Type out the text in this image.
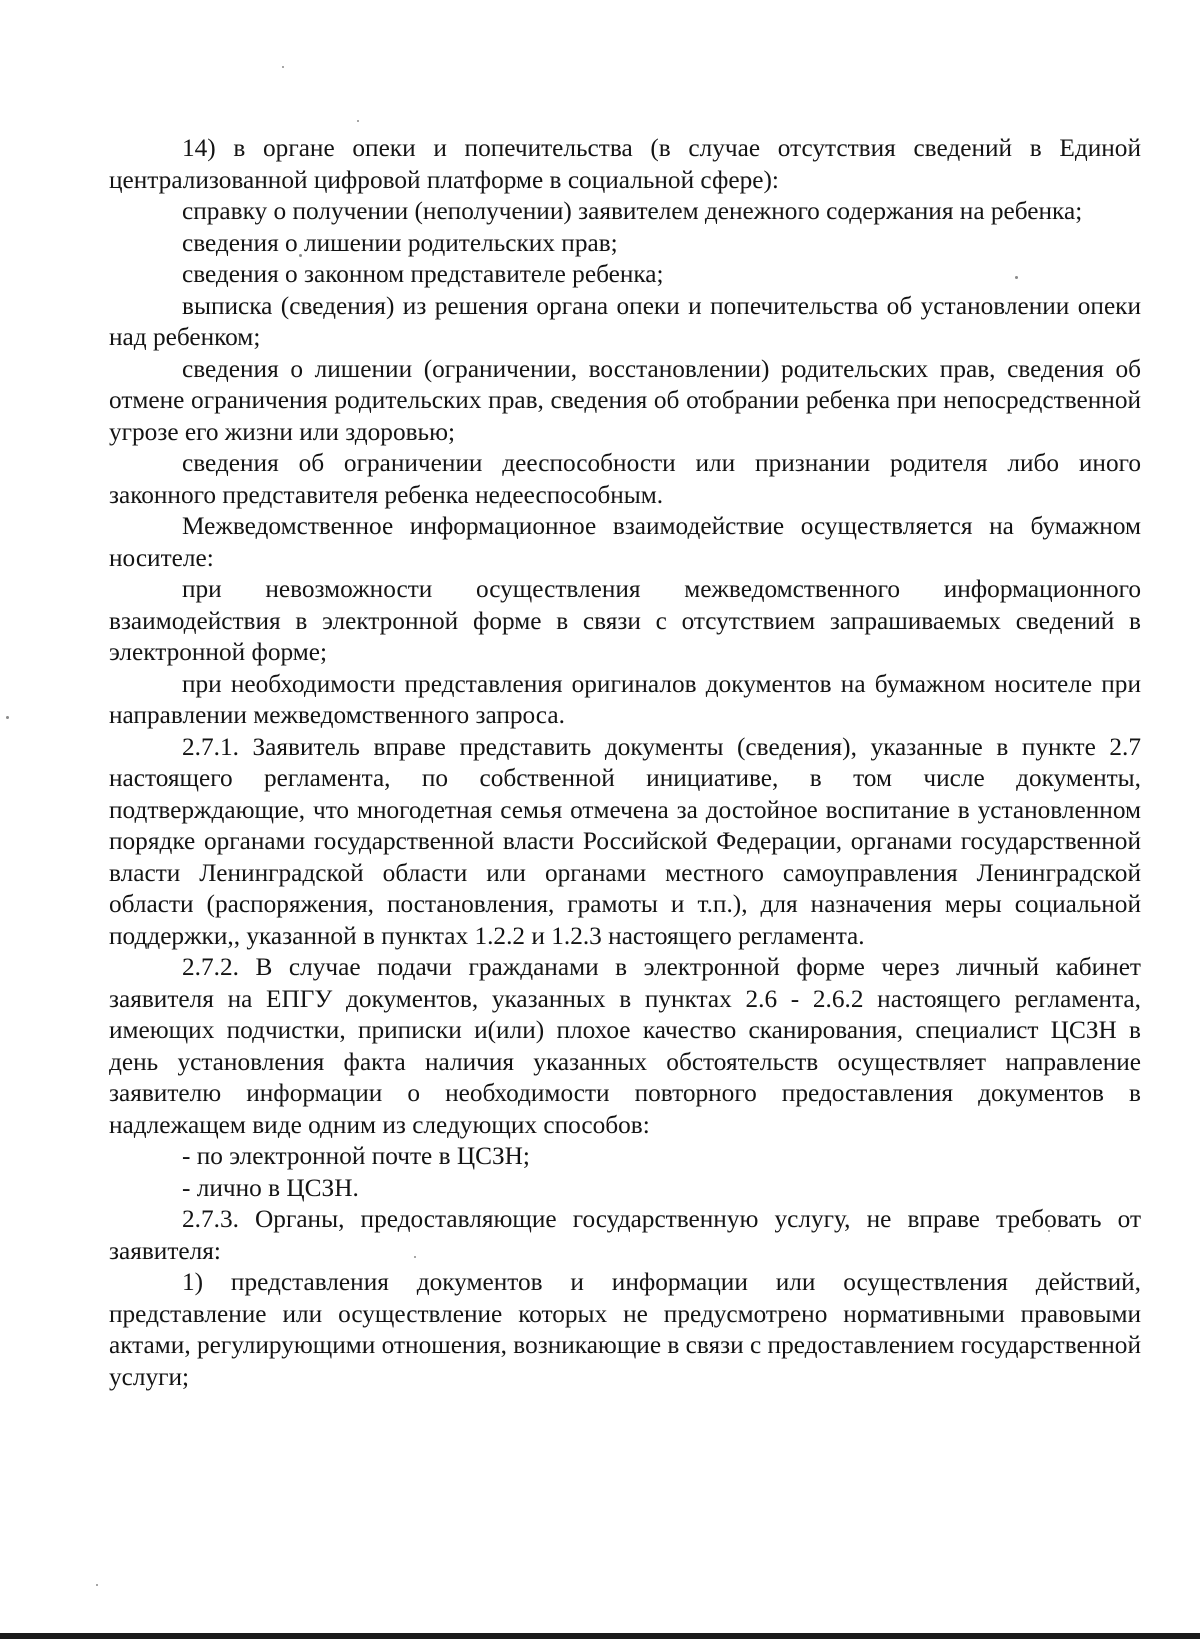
14) в органе опеки и попечительства (в случае отсутствия сведений в Единой централизованной цифровой платформе в социальной сфере):

справку о получении (неполучении) заявителем денежного содержания на ребенка;

сведения о лишении родительских прав;

сведения о законном представителе ребенка;

выписка (сведения) из решения органа опеки и попечительства об установлении опеки над ребенком;

сведения о лишении (ограничении, восстановлении) родительских прав, сведения об отмене ограничения родительских прав, сведения об отобрании ребенка при непосредственной угрозе его жизни или здоровью;

сведения об ограничении дееспособности или признании родителя либо иного законного представителя ребенка недееспособным.

Межведомственное информационное взаимодействие осуществляется на бумажном носителе:

при невозможности осуществления межведомственного информационного взаимодействия в электронной форме в связи с отсутствием запрашиваемых сведений в электронной форме;

при необходимости представления оригиналов документов на бумажном носителе при направлении межведомственного запроса.

2.7.1. Заявитель вправе представить документы (сведения), указанные в пункте 2.7 настоящего регламента, по собственной инициативе, в том числе документы, подтверждающие, что многодетная семья отмечена за достойное воспитание в установленном порядке органами государственной власти Российской Федерации, органами государственной власти Ленинградской области или органами местного самоуправления Ленинградской области (распоряжения, постановления, грамоты и т.п.), для назначения меры социальной поддержки,, указанной в пунктах 1.2.2 и 1.2.3 настоящего регламента.

2.7.2. В случае подачи гражданами в электронной форме через личный кабинет заявителя на ЕПГУ документов, указанных в пунктах 2.6 - 2.6.2 настоящего регламента, имеющих подчистки, приписки и(или) плохое качество сканирования, специалист ЦСЗН в день установления факта наличия указанных обстоятельств осуществляет направление заявителю информации о необходимости повторного предоставления документов в надлежащем виде одним из следующих способов:

- по электронной почте в ЦСЗН;

- лично в ЦСЗН.

2.7.3. Органы, предоставляющие государственную услугу, не вправе требовать от заявителя:

1) представления документов и информации или осуществления действий, представление или осуществление которых не предусмотрено нормативными правовыми актами, регулирующими отношения, возникающие в связи с предоставлением государственной услуги;
